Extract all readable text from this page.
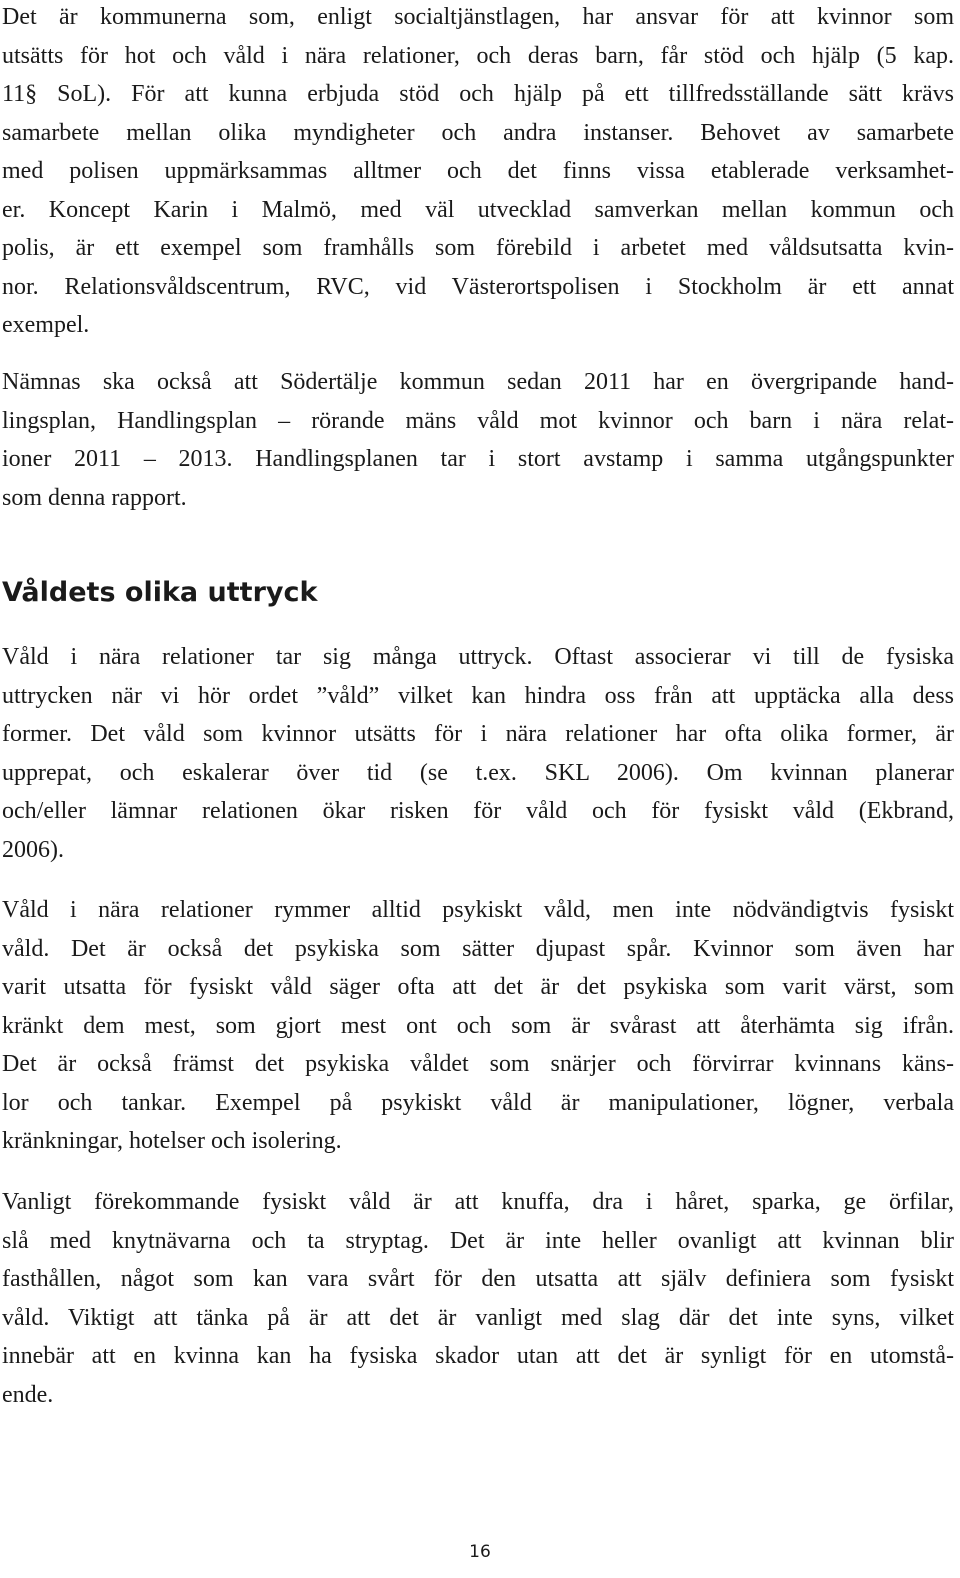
Det är kommunerna som, enligt socialtjänstlagen, har ansvar för att kvinnor som
utsätts för hot och våld i nära relationer, och deras barn, får stöd och hjälp (5 kap.
11§ SoL). För att kunna erbjuda stöd och hjälp på ett tillfredsställande sätt krävs
samarbete mellan olika myndigheter och andra instanser. Behovet av samarbete
med polisen uppmärksammas alltmer och det finns vissa etablerade verksamhet-
er. Koncept Karin i Malmö, med väl utvecklad samverkan mellan kommun och
polis, är ett exempel som framhålls som förebild i arbetet med våldsutsatta kvin-
nor. Relationsvåldscentrum, RVC, vid Västerortspolisen i Stockholm är ett annat
exempel.
Nämnas ska också att Södertälje kommun sedan 2011 har en övergripande hand-
lingsplan, Handlingsplan – rörande mäns våld mot kvinnor och barn i nära relat-
ioner 2011 – 2013. Handlingsplanen tar i stort avstamp i samma utgångspunkter
som denna rapport.
Våldets olika uttryck
Våld i nära relationer tar sig många uttryck. Oftast associerar vi till de fysiska
uttrycken när vi hör ordet ”våld” vilket kan hindra oss från att upptäcka alla dess
former. Det våld som kvinnor utsätts för i nära relationer har ofta olika former, är
upprepat, och eskalerar över tid (se t.ex. SKL 2006). Om kvinnan planerar
och/eller lämnar relationen ökar risken för våld och för fysiskt våld (Ekbrand,
2006).
Våld i nära relationer rymmer alltid psykiskt våld, men inte nödvändigtvis fysiskt
våld. Det är också det psykiska som sätter djupast spår. Kvinnor som även har
varit utsatta för fysiskt våld säger ofta att det är det psykiska som varit värst, som
kränkt dem mest, som gjort mest ont och som är svårast att återhämta sig ifrån.
Det är också främst det psykiska våldet som snärjer och förvirrar kvinnans käns-
lor och tankar. Exempel på psykiskt våld är manipulationer, lögner, verbala
kränkningar, hotelser och isolering.
Vanligt förekommande fysiskt våld är att knuffa, dra i håret, sparka, ge örfilar,
slå med knytnävarna och ta stryptag. Det är inte heller ovanligt att kvinnan blir
fasthållen, något som kan vara svårt för den utsatta att själv definiera som fysiskt
våld. Viktigt att tänka på är att det är vanligt med slag där det inte syns, vilket
innebär att en kvinna kan ha fysiska skador utan att det är synligt för en utomstå-
ende.
16
